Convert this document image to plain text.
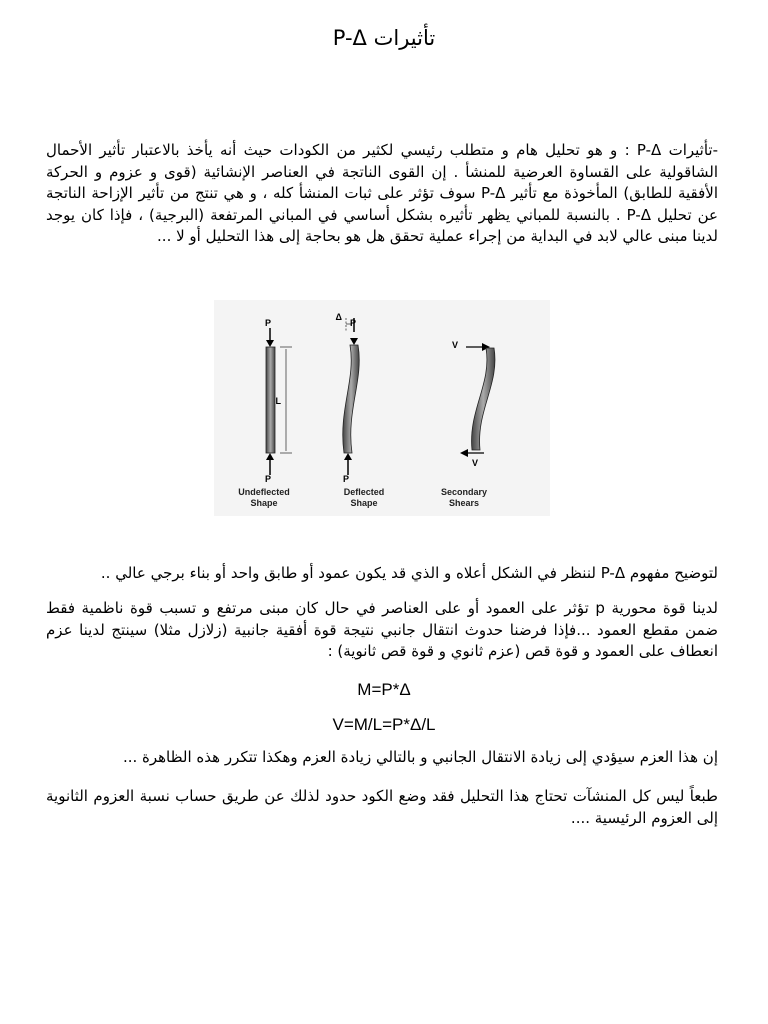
تأثيرات P-Δ

-تأثيرات P-Δ : و هو تحليل هام و متطلب رئيسي لكثير من الكودات حيث أنه يأخذ بالاعتبار تأثير الأحمال الشاقولية على القساوة العرضية للمنشأ . إن القوى الناتجة في العناصر الإنشائية (قوى و عزوم و الحركة الأفقية للطابق) المأخوذة مع تأثير P-Δ سوف تؤثر على ثبات المنشأ كله ، و هي تنتج من تأثير الإزاحة الناتجة عن تحليل P-Δ . بالنسبة للمباني يظهر تأثيره بشكل أساسي في المباني المرتفعة (البرجية) ، فإذا كان يوجد لدينا مبنى عالي لابد في البداية من إجراء عملية تحقق هل هو بحاجة إلى هذا التحليل أو لا ...

P
P
L
Δ
P
P
V
V
Undeflected
Shape
Deflected
Shape
Secondary
Shears

لتوضيح مفهوم P-Δ لننظر في الشكل أعلاه و الذي قد يكون عمود أو طابق واحد أو بناء برجي عالي ..

لدينا قوة محورية p تؤثر على العمود أو على العناصر في حال كان مبنى مرتفع و تسبب قوة ناظمية فقط ضمن مقطع العمود ...فإذا فرضنا حدوث انتقال جانبي نتيجة قوة أفقية جانبية (زلازل مثلا) سينتج لدينا عزم انعطاف على العمود و قوة قص (عزم ثانوي و قوة قص ثانوية) :

M=P*Δ
V=M/L=P*Δ/L

إن هذا العزم سيؤدي إلى زيادة الانتقال الجانبي و بالتالي زيادة العزم وهكذا تتكرر هذه الظاهرة ...

طبعاً ليس كل المنشآت تحتاج هذا التحليل فقد وضع الكود حدود لذلك عن طريق حساب نسبة العزوم الثانوية إلى العزوم الرئيسية ....
